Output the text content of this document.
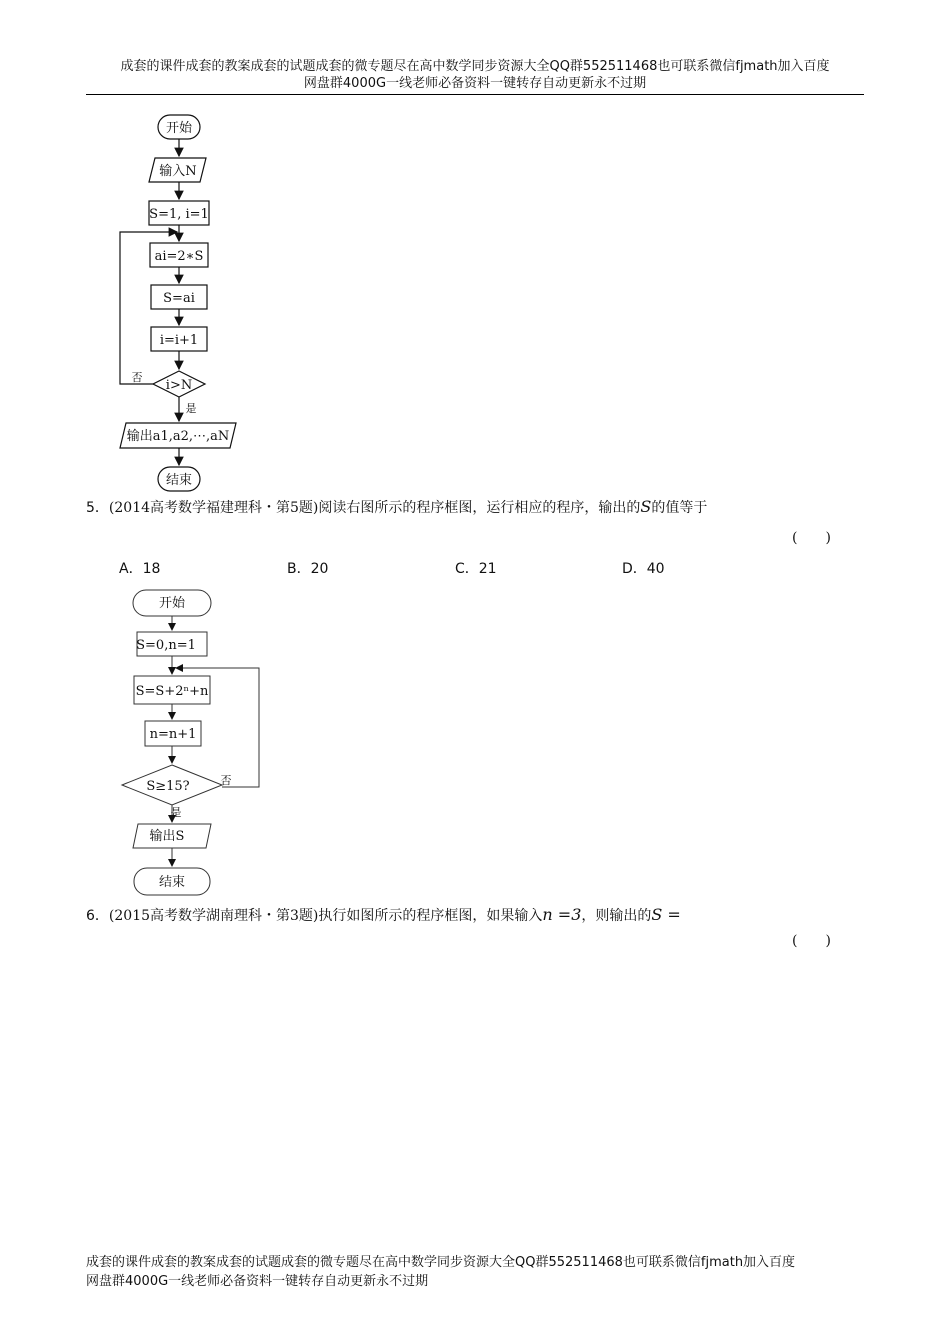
成套的课件成套的教案成套的试题成套的微专题尽在高中数学同步资源大全QQ群552511468也可联系微信fjmath加入百度
网盘群4000G一线老师必备资料一键转存自动更新永不过期
开始
输入N
S=1, i=1
ai=2∗S
S=ai
i=i+1
i>N
否
是
输出a1,a2,⋯,aN
结束
5．(2014高考数学福建理科・第5题)阅读右图所示的程序框图，运行相应的程序，输出的S的值等于
(　　)
A．18	B．20	C．21	D．40
开始
S=0,n=1
S=S+2ⁿ+n
n=n+1
S≥15?	否
是
输出S
结束
6．(2015高考数学湖南理科・第3题)执行如图所示的程序框图，如果输入n =3，则输出的S =
(　　)
成套的课件成套的教案成套的试题成套的微专题尽在高中数学同步资源大全QQ群552511468也可联系微信fjmath加入百度
网盘群4000G一线老师必备资料一键转存自动更新永不过期
